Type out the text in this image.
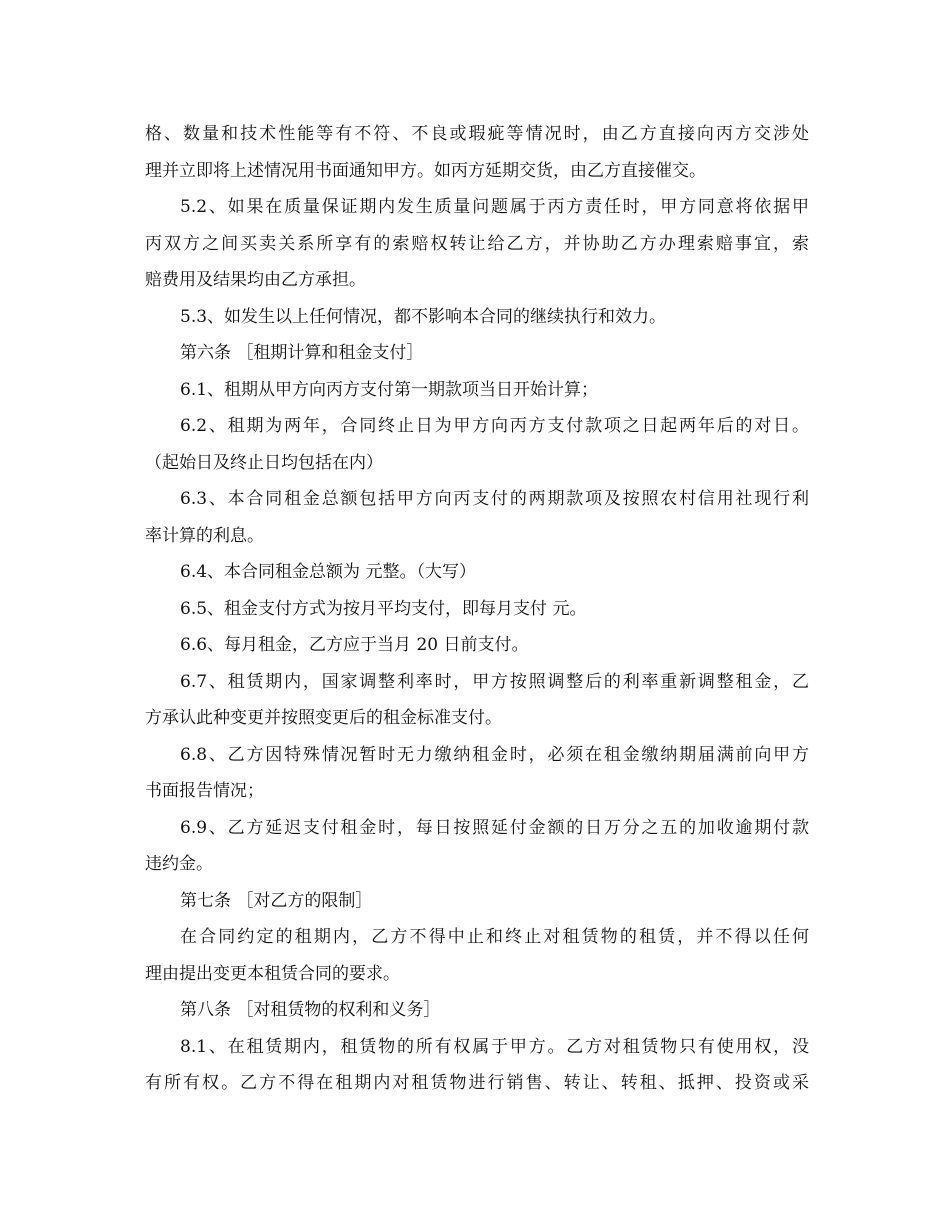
格、数量和技术性能等有不符、不良或瑕疵等情况时，由乙方直接向丙方交涉处
理并立即将上述情况用书面通知甲方。如丙方延期交货，由乙方直接催交。
5.2、如果在质量保证期内发生质量问题属于丙方责任时，甲方同意将依据甲
丙双方之间买卖关系所享有的索赔权转让给乙方，并协助乙方办理索赔事宜，索
赔费用及结果均由乙方承担。
5.3、如发生以上任何情况，都不影响本合同的继续执行和效力。
第六条 ［租期计算和租金支付］
6.1、租期从甲方向丙方支付第一期款项当日开始计算；
6.2、租期为两年，合同终止日为甲方向丙方支付款项之日起两年后的对日。
（起始日及终止日均包括在内）
6.3、本合同租金总额包括甲方向丙支付的两期款项及按照农村信用社现行利
率计算的利息。
6.4、本合同租金总额为 元整。（大写）
6.5、租金支付方式为按月平均支付，即每月支付 元。
6.6、每月租金，乙方应于当月 20 日前支付。
6.7、租赁期内，国家调整利率时，甲方按照调整后的利率重新调整租金，乙
方承认此种变更并按照变更后的租金标准支付。
6.8、乙方因特殊情况暂时无力缴纳租金时，必须在租金缴纳期届满前向甲方
书面报告情况；
6.9、乙方延迟支付租金时，每日按照延付金额的日万分之五的加收逾期付款
违约金。
第七条 ［对乙方的限制］
在合同约定的租期内，乙方不得中止和终止对租赁物的租赁，并不得以任何
理由提出变更本租赁合同的要求。
第八条 ［对租赁物的权利和义务］
8.1、在租赁期内，租赁物的所有权属于甲方。乙方对租赁物只有使用权，没
有所有权。乙方不得在租期内对租赁物进行销售、转让、转租、抵押、投资或采
